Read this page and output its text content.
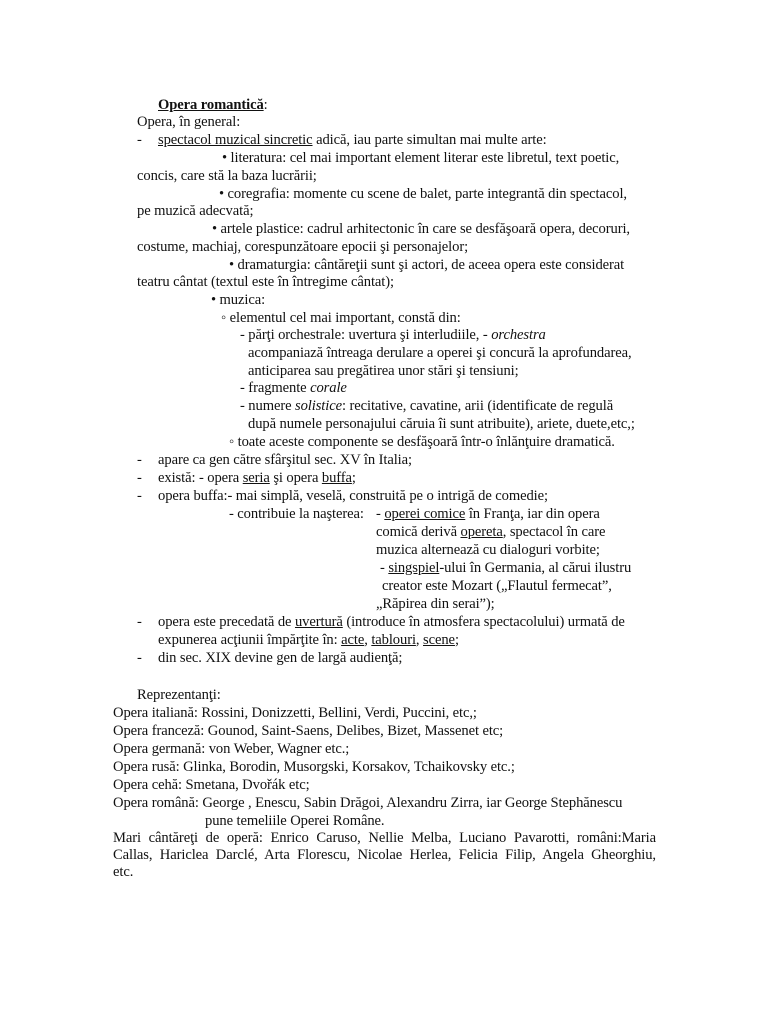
Opera romantică:
Opera, în general:
- spectacol muzical sincretic adică, iau parte simultan mai multe arte:
• literatura: cel mai important element literar este libretul, text poetic,
concis, care stă la baza lucrării;
• coregrafia: momente cu scene de balet, parte integrantă din spectacol,
pe muzică adecvată;
• artele plastice: cadrul arhitectonic în care se desfăşoară opera, decoruri,
costume, machiaj, corespunzătoare epocii şi personajelor;
• dramaturgia: cântăreţii sunt şi actori, de aceea opera este considerat
teatru cântat (textul este în întregime cântat);
• muzica:
◦ elementul cel mai important, constă din:
- părţi orchestrale: uvertura şi interludiile, - orchestra
acompaniază întreaga derulare a operei şi concură la aprofundarea,
anticiparea sau pregătirea unor stări şi tensiuni;
- fragmente corale
- numere solistice: recitative, cavatine, arii (identificate de regulă
după numele personajului căruia îi sunt atribuite), ariete, duete,etc,;
◦ toate aceste componente se desfăşoară într-o înlănţuire dramatică.
- apare ca gen către sfârşitul sec. XV în Italia;
- există: - opera seria şi opera buffa;
- opera buffa:- mai simplă, veselă, construită pe o intrigă de comedie;
- contribuie la naşterea: - operei comice în Franţa, iar din opera
comică derivă opereta, spectacol în care
muzica alternează cu dialoguri vorbite;
- singspiel-ului în Germania, al cărui ilustru
creator este Mozart („Flautul fermecat”,
„Răpirea din serai”);
- opera este precedată de uvertură (introduce în atmosfera spectacolului) urmată de
expunerea acţiunii împărţite în: acte, tablouri, scene;
- din sec. XIX devine gen de largă audienţă;
Reprezentanţi:
Opera italiană: Rossini, Donizzetti, Bellini, Verdi, Puccini, etc,;
Opera franceză: Gounod, Saint-Saens, Delibes, Bizet, Massenet etc;
Opera germană: von Weber, Wagner etc.;
Opera rusă: Glinka, Borodin, Musorgski, Korsakov, Tchaikovsky etc.;
Opera cehă: Smetana, Dvořák etc;
Opera română: George , Enescu, Sabin Drăgoi, Alexandru Zirra, iar George Stephănescu
pune temeliile Operei Române.
Mari cântăreţi de operă: Enrico Caruso, Nellie Melba, Luciano Pavarotti, români:Maria
Callas, Hariclea Darclé, Arta Florescu, Nicolae Herlea, Felicia Filip, Angela Gheorghiu,
etc.
